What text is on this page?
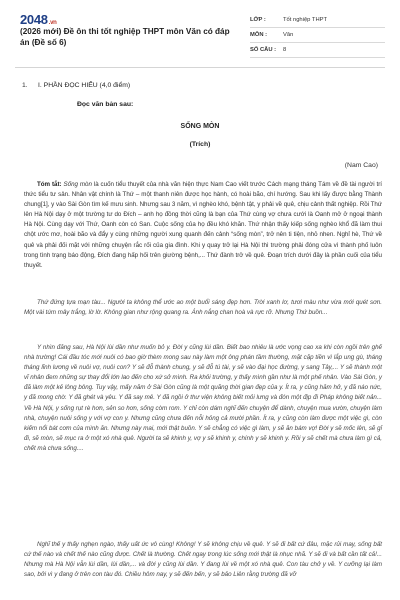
2048.vn
(2026 mới) Đề ôn thi tốt nghiệp THPT môn Văn có đáp án (Đề số 6)
LỚP :	Tốt nghiệp THPT
MÔN :	Văn
SỐ CÂU :	8
1. I. PHẦN ĐỌC HIỂU (4,0 điểm)
Đọc văn bản sau:
SỐNG MÒN
(Trích)
(Nam Cao)

Tóm tắt: Sống mòn là cuốn tiểu thuyết của nhà văn hiện thực Nam Cao viết trước Cách mạng tháng Tám về đề tài người trí thức tiểu tư sản. Nhân vật chính là Thứ – một thanh niên được học hành, có hoài bão, chí hướng. Sau khi lấy được bằng Thành chung[1], y vào Sài Gòn tìm kế mưu sinh. Nhưng sau 3 năm, vì nghèo khó, bệnh tật, y phải về quê, chịu cảnh thất nghiệp. Rồi Thứ lên Hà Nội dạy ở một trường tư do Đích – anh họ đồng thời cũng là bạn của Thứ cùng vợ chưa cưới là Oanh mở ở ngoại thành Hà Nội. Cùng dạy với Thứ, Oanh còn có San. Cuộc sống của họ đều khó khăn. Thứ nhận thấy kiếp sống nghèo khổ đã làm thui chột ước mơ, hoài bão và đẩy y cùng những người xung quanh đến cảnh “sống mòn”, trở nên ti tiện, nhỏ nhen. Nghỉ hè, Thứ về quê và phải đối mặt với những chuyện rắc rối của gia đình. Khi y quay trở lại Hà Nội thì trường phải đóng cửa vì thành phố luôn trong tình trạng báo động, Đích đang hấp hối trên giường bệnh,... Thứ đành trở về quê. Đoạn trích dưới đây là phần cuối của tiểu thuyết.

Thứ đứng tựa mạn tàu... Người ta không thể ước ao một buổi sáng đẹp hơn. Trời xanh lơ, tươi màu như vừa mới quét sơn. Một vài túm mây trắng, lờ lờ. Không gian như rộng quang ra. Ánh nắng chan hoà và rực rỡ. Nhưng Thứ buồn...

Y nhìn đăng sau, Hà Nội lùi dần như muốn bỏ y. Đời y cũng lùi dần. Biết bao nhiêu là ước vọng cao xa khi còn ngồi trên ghế nhà trường! Cái đầu tóc mới nuôi có bao giờ thèm mong sau này làm một ông phán tầm thường, mặt cặp tiền vì lắp ung gù, tháng tháng lĩnh lương về nuôi vợ, nuôi con? Y sẽ đỗ thành chung, y sẽ đỗ tú tài, y sẽ vào đại học đường, y sang Tây,... Y sẽ thành một vĩ nhân đem những sự thay đổi lớn lao đến cho xứ sở mình. Ra khỏi trường, y thấy mình gần như là một phế nhân. Vào Sài Gòn, y đã làm một kẻ lông bông. Tuy vậy, mấy năm ở Sài Gòn cũng là một quãng thời gian đẹp của y. Ít ra, y cũng hăm hở, y đã náo nức, y đã mong chờ. Y đã ghét và yêu. Y đã say mê. Y đã ngồi ở thư viện không biết mỏi lưng và đón một địp đi Pháp không biết nản... Về Hà Nội, y sống rụt rè hơn, sẻn so hơn, sống còm rom. Y chỉ còn dám nghĩ đến chuyện để dành, chuyện mua vườn, chuyện làm nhà, chuyện nuôi sống y với vợ con y. Nhưng cũng chưa đến nỗi hỏng cả mười phần. Ít ra, y cũng còn làm được một việc gì, còn kiếm nổi bát cơm của mình ăn. Nhưng này mai, mới thật buồn. Y sẽ chẳng có việc gì làm, y sẽ ăn bám vợ! Đời y sẽ mốc lên, sẽ gỉ đi, sẽ mòn, sẽ mục ra ở một xó nhà quê. Người ta sẽ khinh y, vợ y sẽ khinh y, chính y sẽ khinh y. Rồi y sẽ chết mà chưa làm gì cả, chết mà chưa sống....

Nghĩ thế y thấy nghẹn ngào, thấy uất ức vô cùng! Không! Y sẽ không chịu về quê. Y sẽ đi bất cứ đâu, mặc rủi may, sống bất cứ thế nào và chết thế nào cũng được. Chết là thường. Chết ngay trong lúc sống mới thật là nhục nhã. Y sẽ đi và bất cần tất cả!... Nhưng mà Hà Nội vẫn lùi dần, lùi dần,... và đời y cũng lùi dần. Y đang lùi về một xó nhà quê. Con tàu chở y về. Y cưỡng lại làm sao, bởi vì y đang ở trên con tàu đó. Chiều hôm nay, y sẽ đến bến, y sẽ bảo Liên rằng trường đã vỡ
